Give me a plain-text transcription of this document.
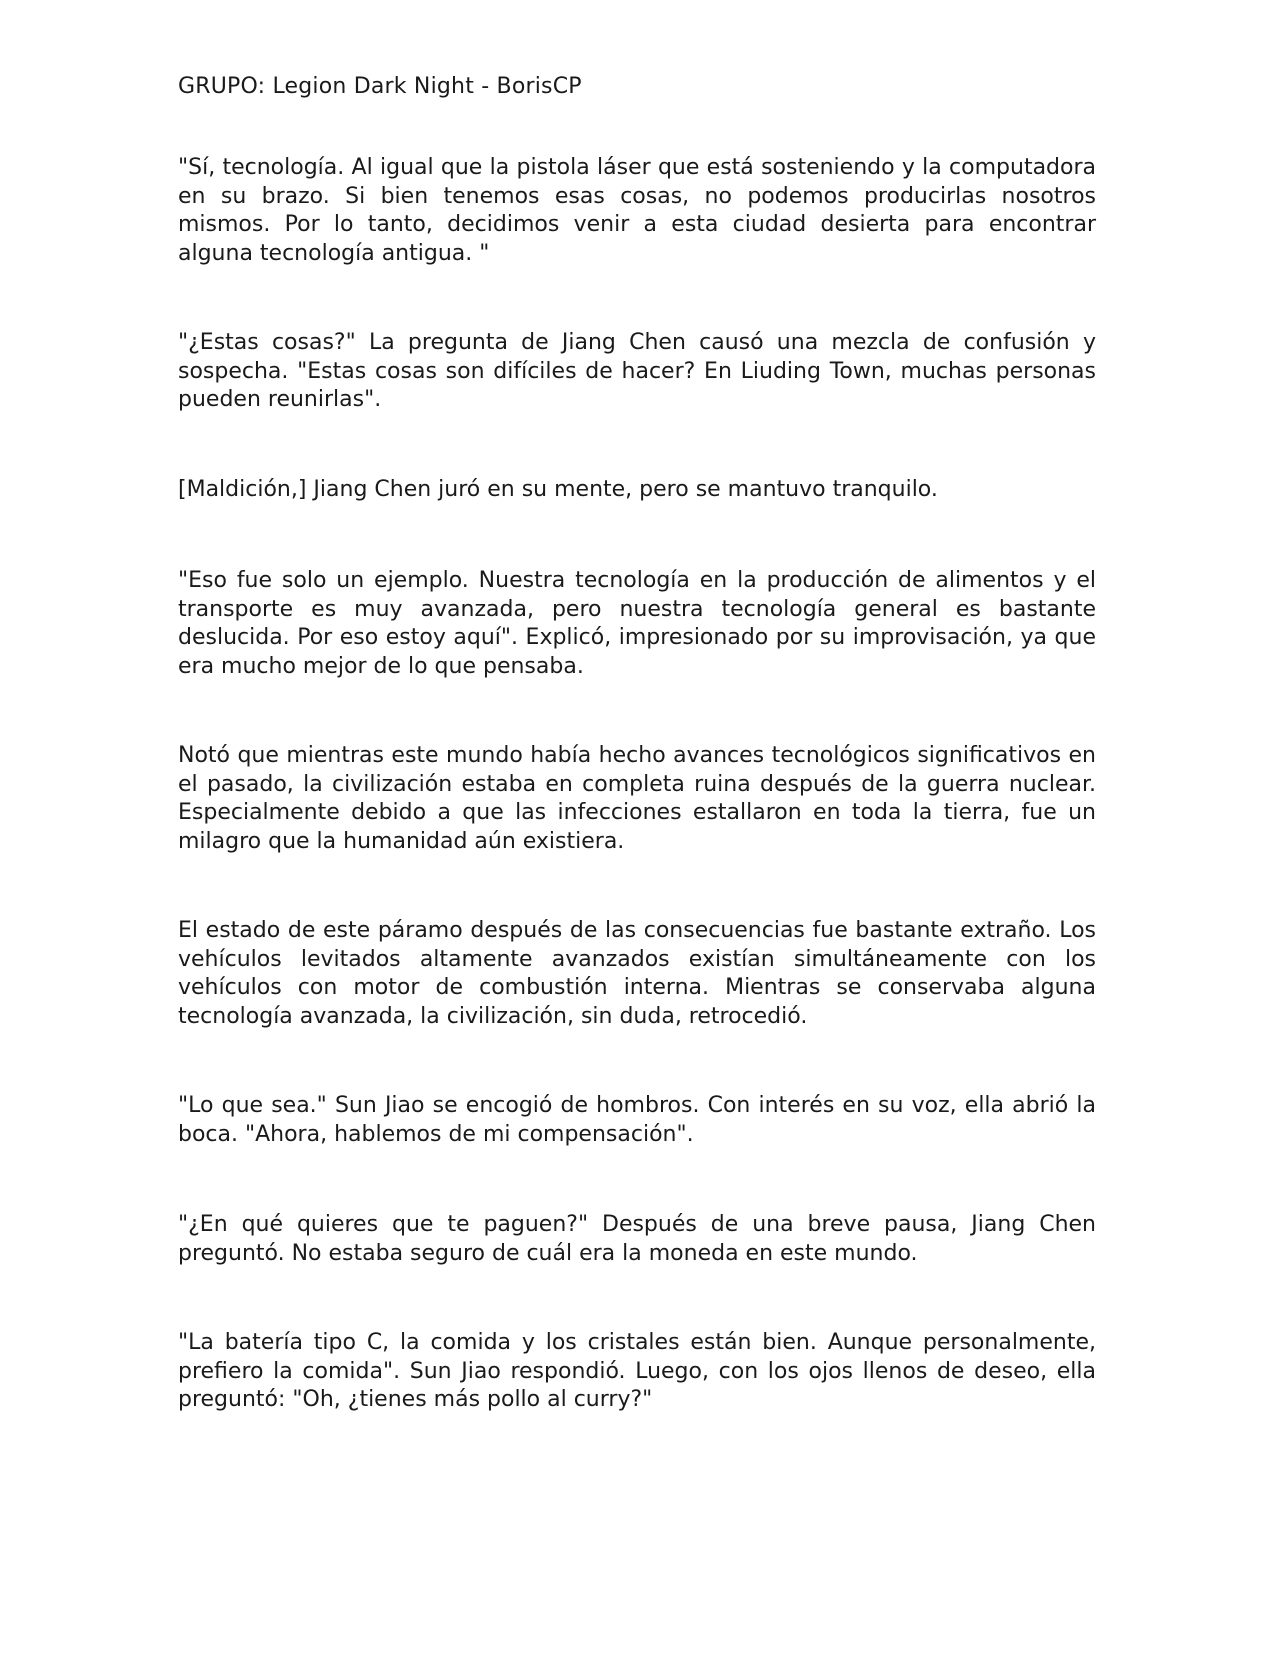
GRUPO: Legion Dark Night - BorisCP

"Sí, tecnología. Al igual que la pistola láser que está sosteniendo y la computadora en su brazo. Si bien tenemos esas cosas, no podemos producirlas nosotros mismos. Por lo tanto, decidimos venir a esta ciudad desierta para encontrar alguna tecnología antigua. "

"¿Estas cosas?" La pregunta de Jiang Chen causó una mezcla de confusión y sospecha. "Estas cosas son difíciles de hacer? En Liuding Town, muchas personas pueden reunirlas".

[Maldición,] Jiang Chen juró en su mente, pero se mantuvo tranquilo.

"Eso fue solo un ejemplo. Nuestra tecnología en la producción de alimentos y el transporte es muy avanzada, pero nuestra tecnología general es bastante deslucida. Por eso estoy aquí". Explicó, impresionado por su improvisación, ya que era mucho mejor de lo que pensaba.

Notó que mientras este mundo había hecho avances tecnológicos significativos en el pasado, la civilización estaba en completa ruina después de la guerra nuclear. Especialmente debido a que las infecciones estallaron en toda la tierra, fue un milagro que la humanidad aún existiera.

El estado de este páramo después de las consecuencias fue bastante extraño. Los vehículos levitados altamente avanzados existían simultáneamente con los vehículos con motor de combustión interna. Mientras se conservaba alguna tecnología avanzada, la civilización, sin duda, retrocedió.

"Lo que sea." Sun Jiao se encogió de hombros. Con interés en su voz, ella abrió la boca. "Ahora, hablemos de mi compensación".

"¿En qué quieres que te paguen?" Después de una breve pausa, Jiang Chen preguntó. No estaba seguro de cuál era la moneda en este mundo.

"La batería tipo C, la comida y los cristales están bien. Aunque personalmente, prefiero la comida". Sun Jiao respondió. Luego, con los ojos llenos de deseo, ella preguntó: "Oh, ¿tienes más pollo al curry?"
